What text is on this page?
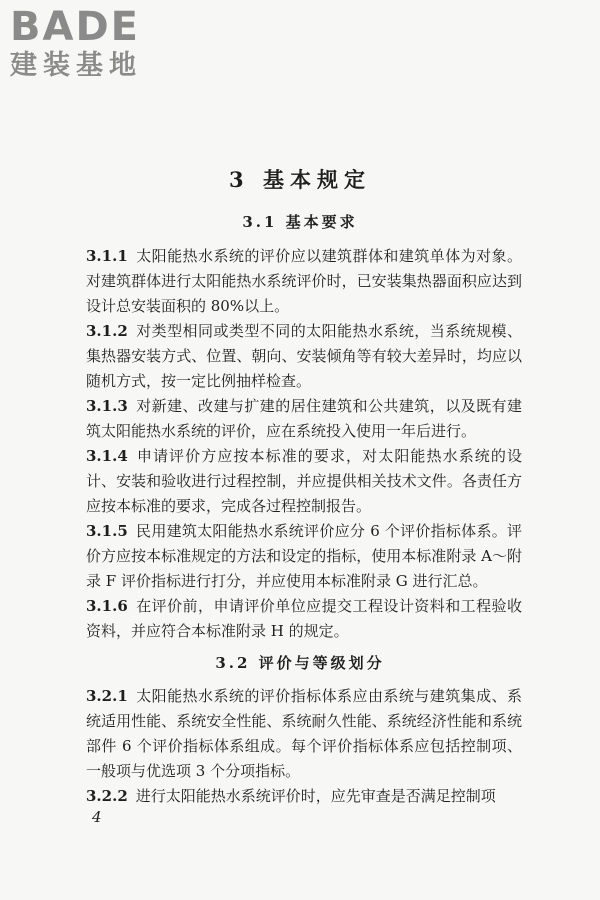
BADE
建装基地
3 基本规定
3.1 基本要求

3.1.1 太阳能热水系统的评价应以建筑群体和建筑单体为对象。对建筑群体进行太阳能热水系统评价时，已安装集热器面积应达到设计总安装面积的 80%以上。

3.1.2 对类型相同或类型不同的太阳能热水系统，当系统规模、集热器安装方式、位置、朝向、安装倾角等有较大差异时，均应以随机方式，按一定比例抽样检查。

3.1.3 对新建、改建与扩建的居住建筑和公共建筑，以及既有建筑太阳能热水系统的评价，应在系统投入使用一年后进行。

3.1.4 申请评价方应按本标准的要求，对太阳能热水系统的设计、安装和验收进行过程控制，并应提供相关技术文件。各责任方应按本标准的要求，完成各过程控制报告。

3.1.5 民用建筑太阳能热水系统评价应分 6 个评价指标体系。评价方应按本标准规定的方法和设定的指标，使用本标准附录 A～附录 F 评价指标进行打分，并应使用本标准附录 G 进行汇总。

3.1.6 在评价前，申请评价单位应提交工程设计资料和工程验收资料，并应符合本标准附录 H 的规定。

3.2 评价与等级划分

3.2.1 太阳能热水系统的评价指标体系应由系统与建筑集成、系统适用性能、系统安全性能、系统耐久性能、系统经济性能和系统部件 6 个评价指标体系组成。每个评价指标体系应包括控制项、一般项与优选项 3 个分项指标。

3.2.2 进行太阳能热水系统评价时，应先审查是否满足控制项

4
